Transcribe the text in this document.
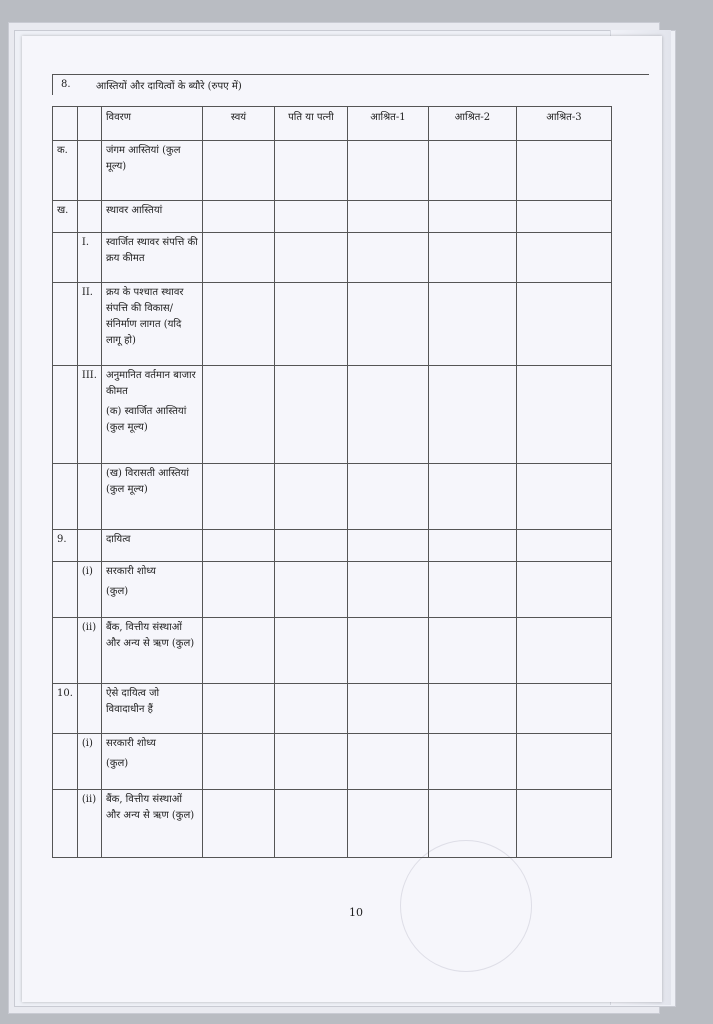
8.	आस्तियों और दायित्वों के ब्यौरे (रुपए में)
		विवरण	स्वयं	पति या पत्नी	आश्रित-1	आश्रित-2	आश्रित-3
क.		जंगम आस्तियां (कुल मूल्य)					
ख.		स्थावर आस्तियां					
	I.	स्वार्जित स्थावर संपत्ति की क्रय कीमत					
	II.	क्रय के पश्चात स्थावर संपत्ति की विकास/ संनिर्माण लागत (यदि लागू हो)					
	III.	अनुमानित वर्तमान बाजार कीमत
(क) स्वार्जित आस्तियां (कुल मूल्य)					

		(ख) विरासती आस्तियां (कुल मूल्य)					
9.		दायित्व					
	(i)	सरकारी शोध्य
(कुल)					

	(ii)	बैंक, वित्तीय संस्थाओं और अन्य से ऋण (कुल)					
10.		ऐसे दायित्व जो विवादाधीन हैं					
	(i)	सरकारी शोध्य
(कुल)					

	(ii)	बैंक, वित्तीय संस्थाओं और अन्य से ऋण (कुल)					
10
